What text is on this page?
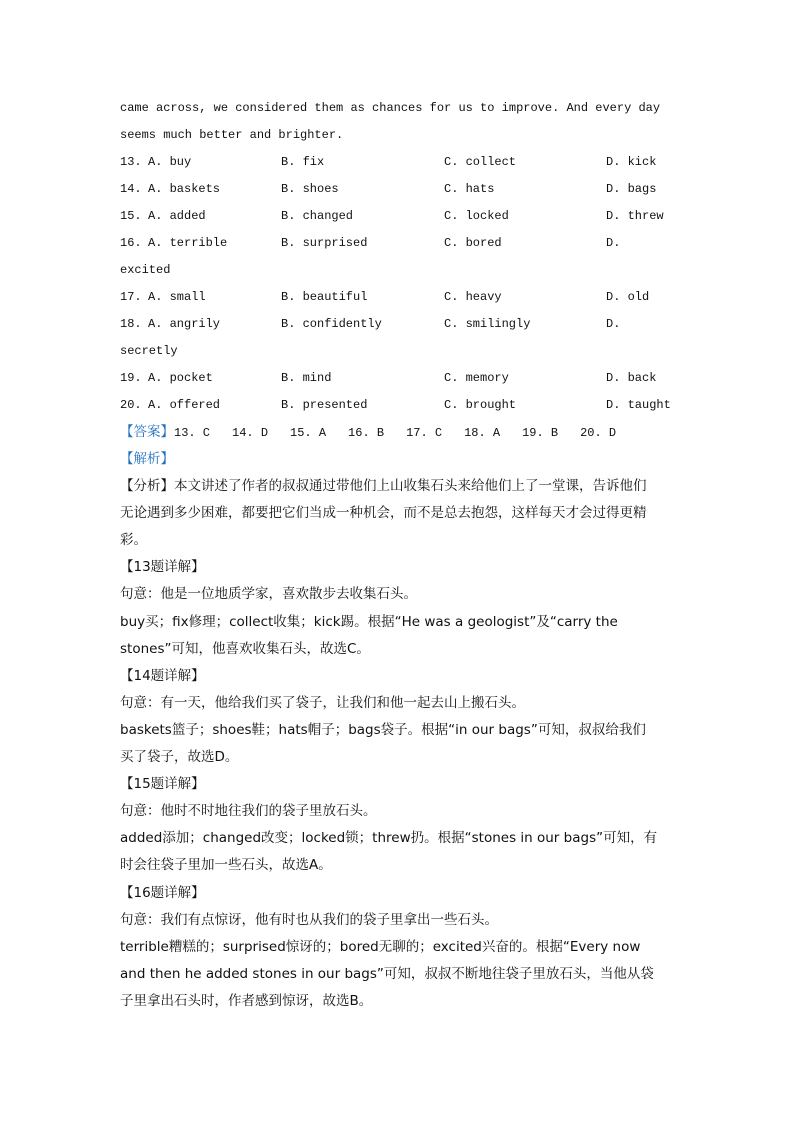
came across, we considered them as chances for us to improve. And every day
seems much better and brighter.
13. A. buy	B. fix	C. collect	D. kick
14. A. baskets	B. shoes	C. hats	D. bags
15. A. added	B. changed	C. locked	D. threw
16. A. terrible	B. surprised	C. bored	D.
excited
17. A. small	B. beautiful	C. heavy	D. old
18. A. angrily	B. confidently	C. smilingly	D.
secretly
19. A. pocket	B. mind	C. memory	D. back
20. A. offered	B. presented	C. brought	D. taught
【答案】13. C 14. D 15. A 16. B 17. C 18. A 19. B 20. D
【解析】
【分析】本文讲述了作者的叔叔通过带他们上山收集石头来给他们上了一堂课，告诉他们
无论遇到多少困难，都要把它们当成一种机会，而不是总去抱怨，这样每天才会过得更精
彩。
【13题详解】
句意：他是一位地质学家，喜欢散步去收集石头。
buy买；fix修理；collect收集；kick踢。根据“He was a geologist”及“carry the
stones”可知，他喜欢收集石头，故选C。
【14题详解】
句意：有一天，他给我们买了袋子，让我们和他一起去山上搬石头。
baskets篮子；shoes鞋；hats帽子；bags袋子。根据“in our bags”可知，叔叔给我们
买了袋子，故选D。
【15题详解】
句意：他时不时地往我们的袋子里放石头。
added添加；changed改变；locked锁；threw扔。根据“stones in our bags”可知，有
时会往袋子里加一些石头，故选A。
【16题详解】
句意：我们有点惊讶，他有时也从我们的袋子里拿出一些石头。
terrible糟糕的；surprised惊讶的；bored无聊的；excited兴奋的。根据“Every now
and then he added stones in our bags”可知，叔叔不断地往袋子里放石头，当他从袋
子里拿出石头时，作者感到惊讶，故选B。
